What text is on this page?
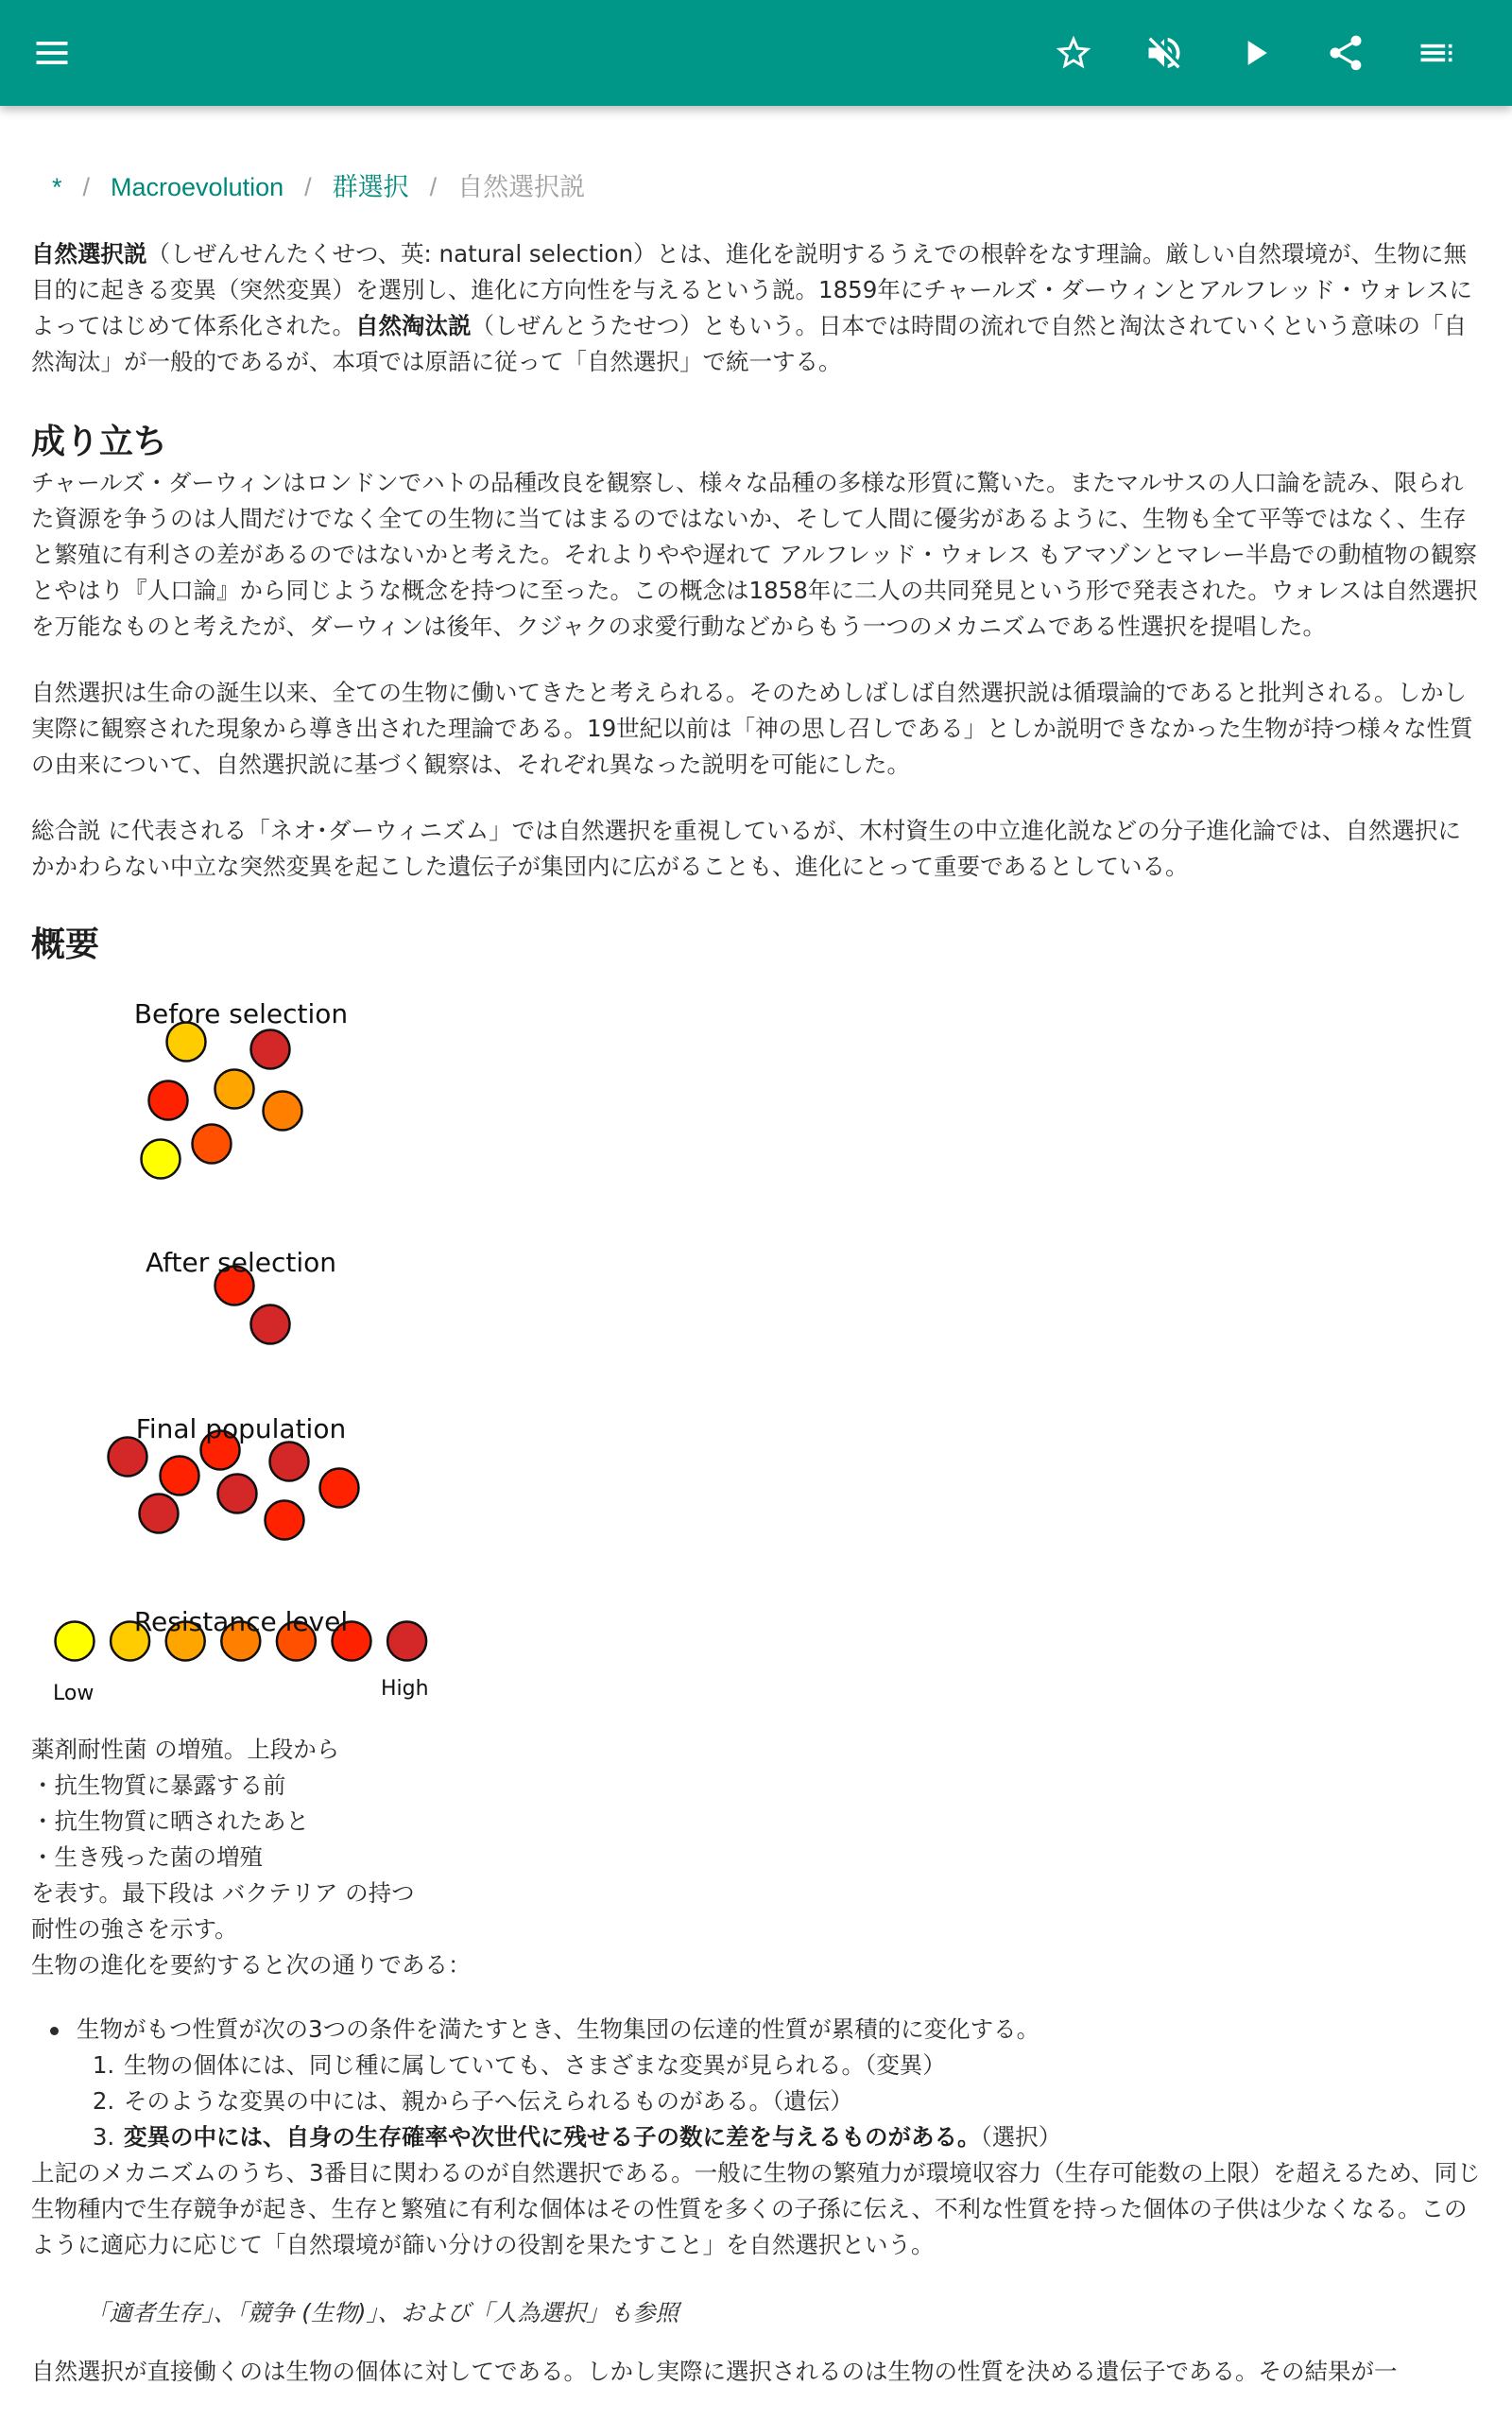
* / Macroevolution / 群選択 / 自然選択説

自然選択説（しぜんせんたくせつ、英: natural selection）とは、進化を説明するうえでの根幹をなす理論。厳しい自然環境が、生物に無目的に起きる変異（突然変異）を選別し、進化に方向性を与えるという説。1859年にチャールズ・ダーウィンとアルフレッド・ウォレスによってはじめて体系化された。自然淘汰説（しぜんとうたせつ）ともいう。日本では時間の流れで自然と淘汰されていくという意味の「自然淘汰」が一般的であるが、本項では原語に従って「自然選択」で統一する。

成り立ち

チャールズ・ダーウィンはロンドンでハトの品種改良を観察し、様々な品種の多様な形質に驚いた。またマルサスの人口論を読み、限られた資源を争うのは人間だけでなく全ての生物に当てはまるのではないか、そして人間に優劣があるように、生物も全て平等ではなく、生存と繁殖に有利さの差があるのではないかと考えた。それよりやや遅れて アルフレッド・ウォレス もアマゾンとマレー半島での動植物の観察とやはり『人口論』から同じような概念を持つに至った。この概念は1858年に二人の共同発見という形で発表された。ウォレスは自然選択を万能なものと考えたが、ダーウィンは後年、クジャクの求愛行動などからもう一つのメカニズムである性選択を提唱した。

自然選択は生命の誕生以来、全ての生物に働いてきたと考えられる。そのためしばしば自然選択説は循環論的であると批判される。しかし実際に観察された現象から導き出された理論である。19世紀以前は「神の思し召しである」としか説明できなかった生物が持つ様々な性質の由来について、自然選択説に基づく観察は、それぞれ異なった説明を可能にした。

総合説 に代表される「ネオ･ダーウィニズム」では自然選択を重視しているが、木村資生の中立進化説などの分子進化論では、自然選択にかかわらない中立な突然変異を起こした遺伝子が集団内に広がることも、進化にとって重要であるとしている。

概要
Before selection
After selection
Final population
Resistance level
Low	High
薬剤耐性菌 の増殖。上段から
・抗生物質に暴露する前
・抗生物質に晒されたあと
・生き残った菌の増殖
を表す。最下段は バクテリア の持つ
耐性の強さを示す。
生物の進化を要約すると次の通りである：
生物がもつ性質が次の3つの条件を満たすとき、生物集団の伝達的性質が累積的に変化する。
1. 生物の個体には、同じ種に属していても、さまざまな変異が見られる。（変異）
2. そのような変異の中には、親から子へ伝えられるものがある。（遺伝）
3. 変異の中には、自身の生存確率や次世代に残せる子の数に差を与えるものがある。（選択）

上記のメカニズムのうち、3番目に関わるのが自然選択である。一般に生物の繁殖力が環境収容力（生存可能数の上限）を超えるため、同じ生物種内で生存競争が起き、生存と繁殖に有利な個体はその性質を多くの子孫に伝え、不利な性質を持った個体の子供は少なくなる。このように適応力に応じて「自然環境が篩い分けの役割を果たすこと」を自然選択という。

「適者生存」、「競争 (生物)」、および「人為選択」も参照

自然選択が直接働くのは生物の個体に対してである。しかし実際に選択されるのは生物の性質を決める遺伝子である。その結果が一
